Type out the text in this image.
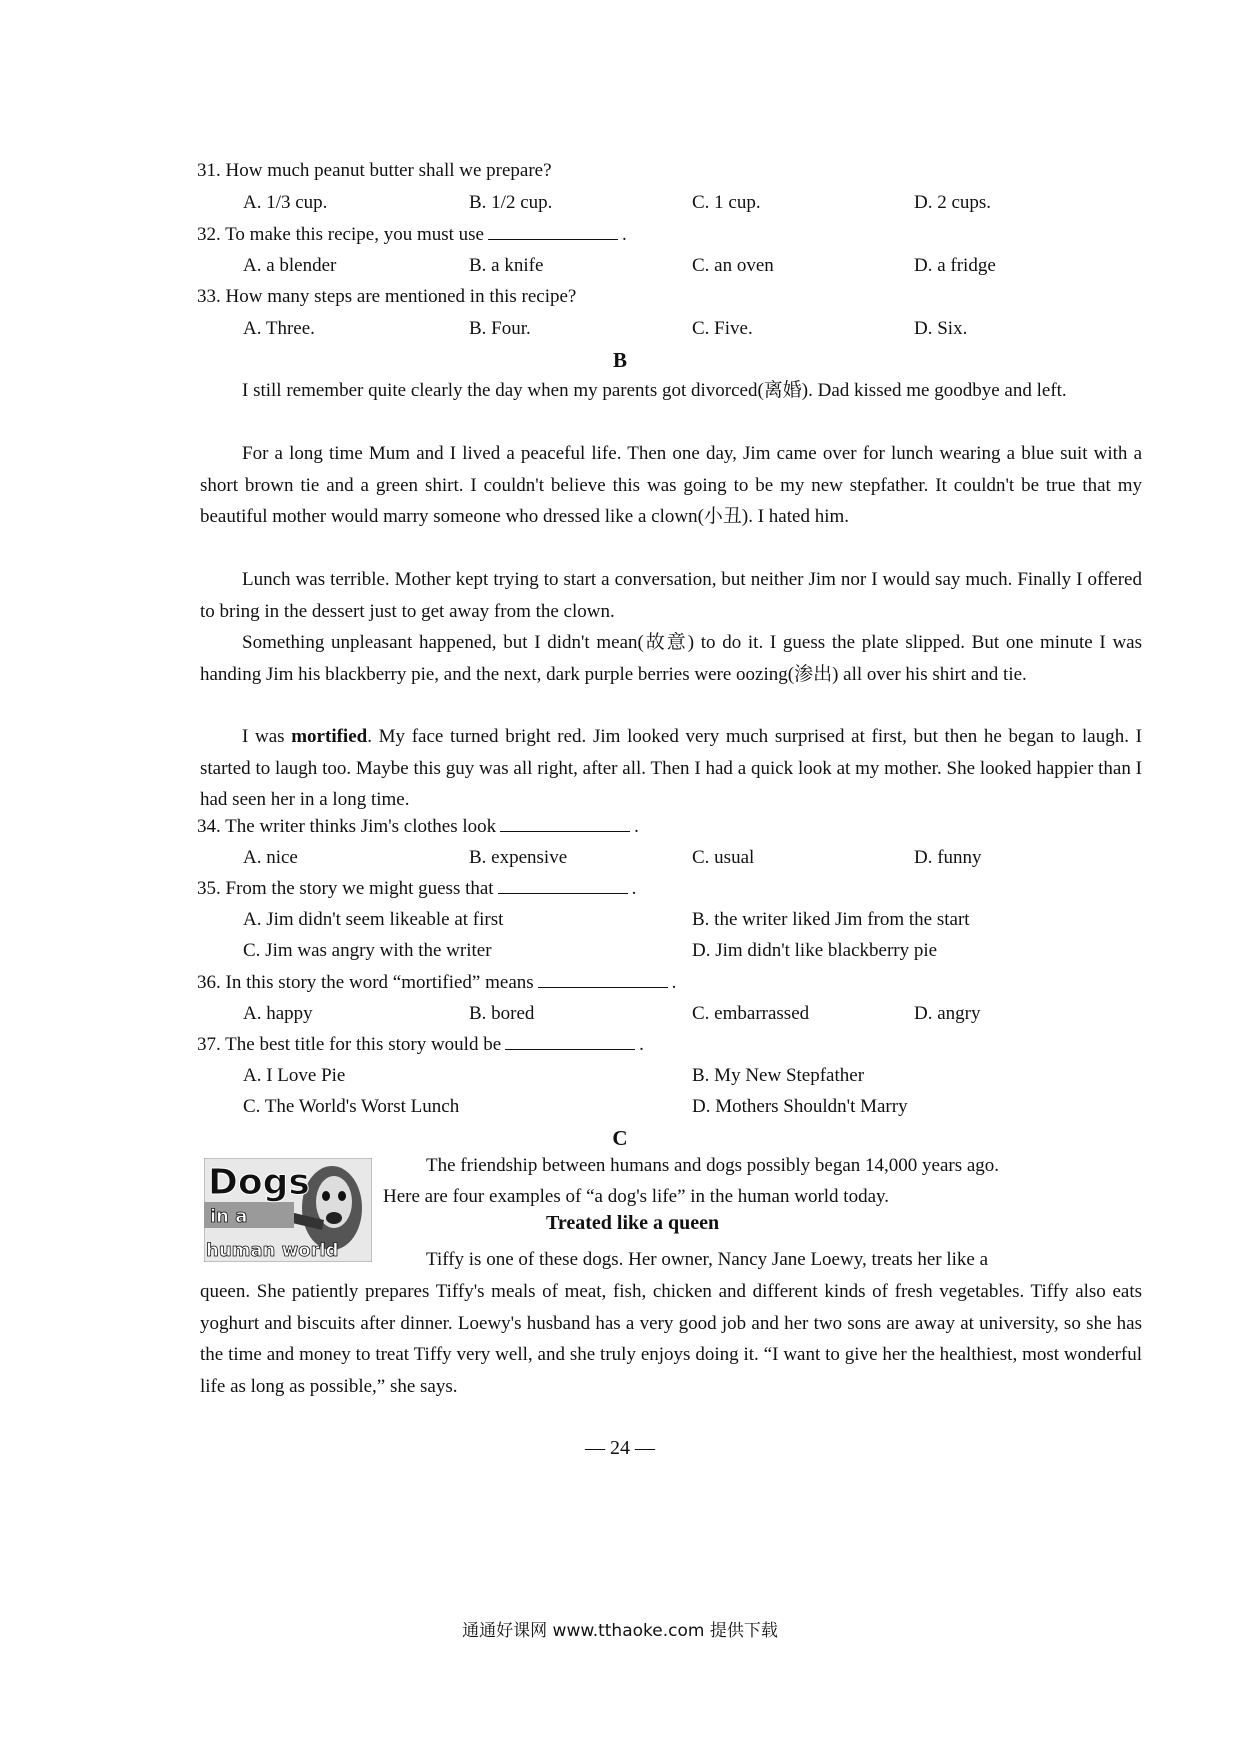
31. How much peanut butter shall we prepare?
A. 1/3 cup.	B. 1/2 cup.	C. 1 cup.	D. 2 cups.
32. To make this recipe, you must use	.
A. a blender	B. a knife	C. an oven	D. a fridge
33. How many steps are mentioned in this recipe?
A. Three.	B. Four.	C. Five.	D. Six.
B
I still remember quite clearly the day when my parents got divorced(离婚). Dad kissed me goodbye and left.
For a long time Mum and I lived a peaceful life. Then one day, Jim came over for lunch wearing a blue suit with a short brown tie and a green shirt. I couldn't believe this was going to be my new stepfather. It couldn't be true that my beautiful mother would marry someone who dressed like a clown(小丑). I hated him.
Lunch was terrible. Mother kept trying to start a conversation, but neither Jim nor I would say much. Finally I offered to bring in the dessert just to get away from the clown.
Something unpleasant happened, but I didn't mean(故意) to do it. I guess the plate slipped. But one minute I was handing Jim his blackberry pie, and the next, dark purple berries were oozing(渗出) all over his shirt and tie.
I was mortified. My face turned bright red. Jim looked very much surprised at first, but then he began to laugh. I started to laugh too. Maybe this guy was all right, after all. Then I had a quick look at my mother. She looked happier than I had seen her in a long time.
34. The writer thinks Jim's clothes look	.
A. nice	B. expensive	C. usual	D. funny
35. From the story we might guess that	.
A. Jim didn't seem likeable at first	B. the writer liked Jim from the start
C. Jim was angry with the writer	D. Jim didn't like blackberry pie
36. In this story the word “mortified” means	.
A. happy	B. bored	C. embarrassed	D. angry
37. The best title for this story would be	.
A. I Love Pie	B. My New Stepfather
C. The World's Worst Lunch	D. Mothers Shouldn't Marry
C
Dogs
in a
human world
The friendship between humans and dogs possibly began 14,000 years ago.
Here are four examples of “a dog's life” in the human world today.
Treated like a queen
Tiffy is one of these dogs. Her owner, Nancy Jane Loewy, treats her like a
queen. She patiently prepares Tiffy's meals of meat, fish, chicken and different kinds of fresh vegetables. Tiffy also eats yoghurt and biscuits after dinner. Loewy's husband has a very good job and her two sons are away at university, so she has the time and money to treat Tiffy very well, and she truly enjoys doing it. “I want to give her the healthiest, most wonderful life as long as possible,” she says.
— 24 —
通通好课网 www.tthaoke.com 提供下载
